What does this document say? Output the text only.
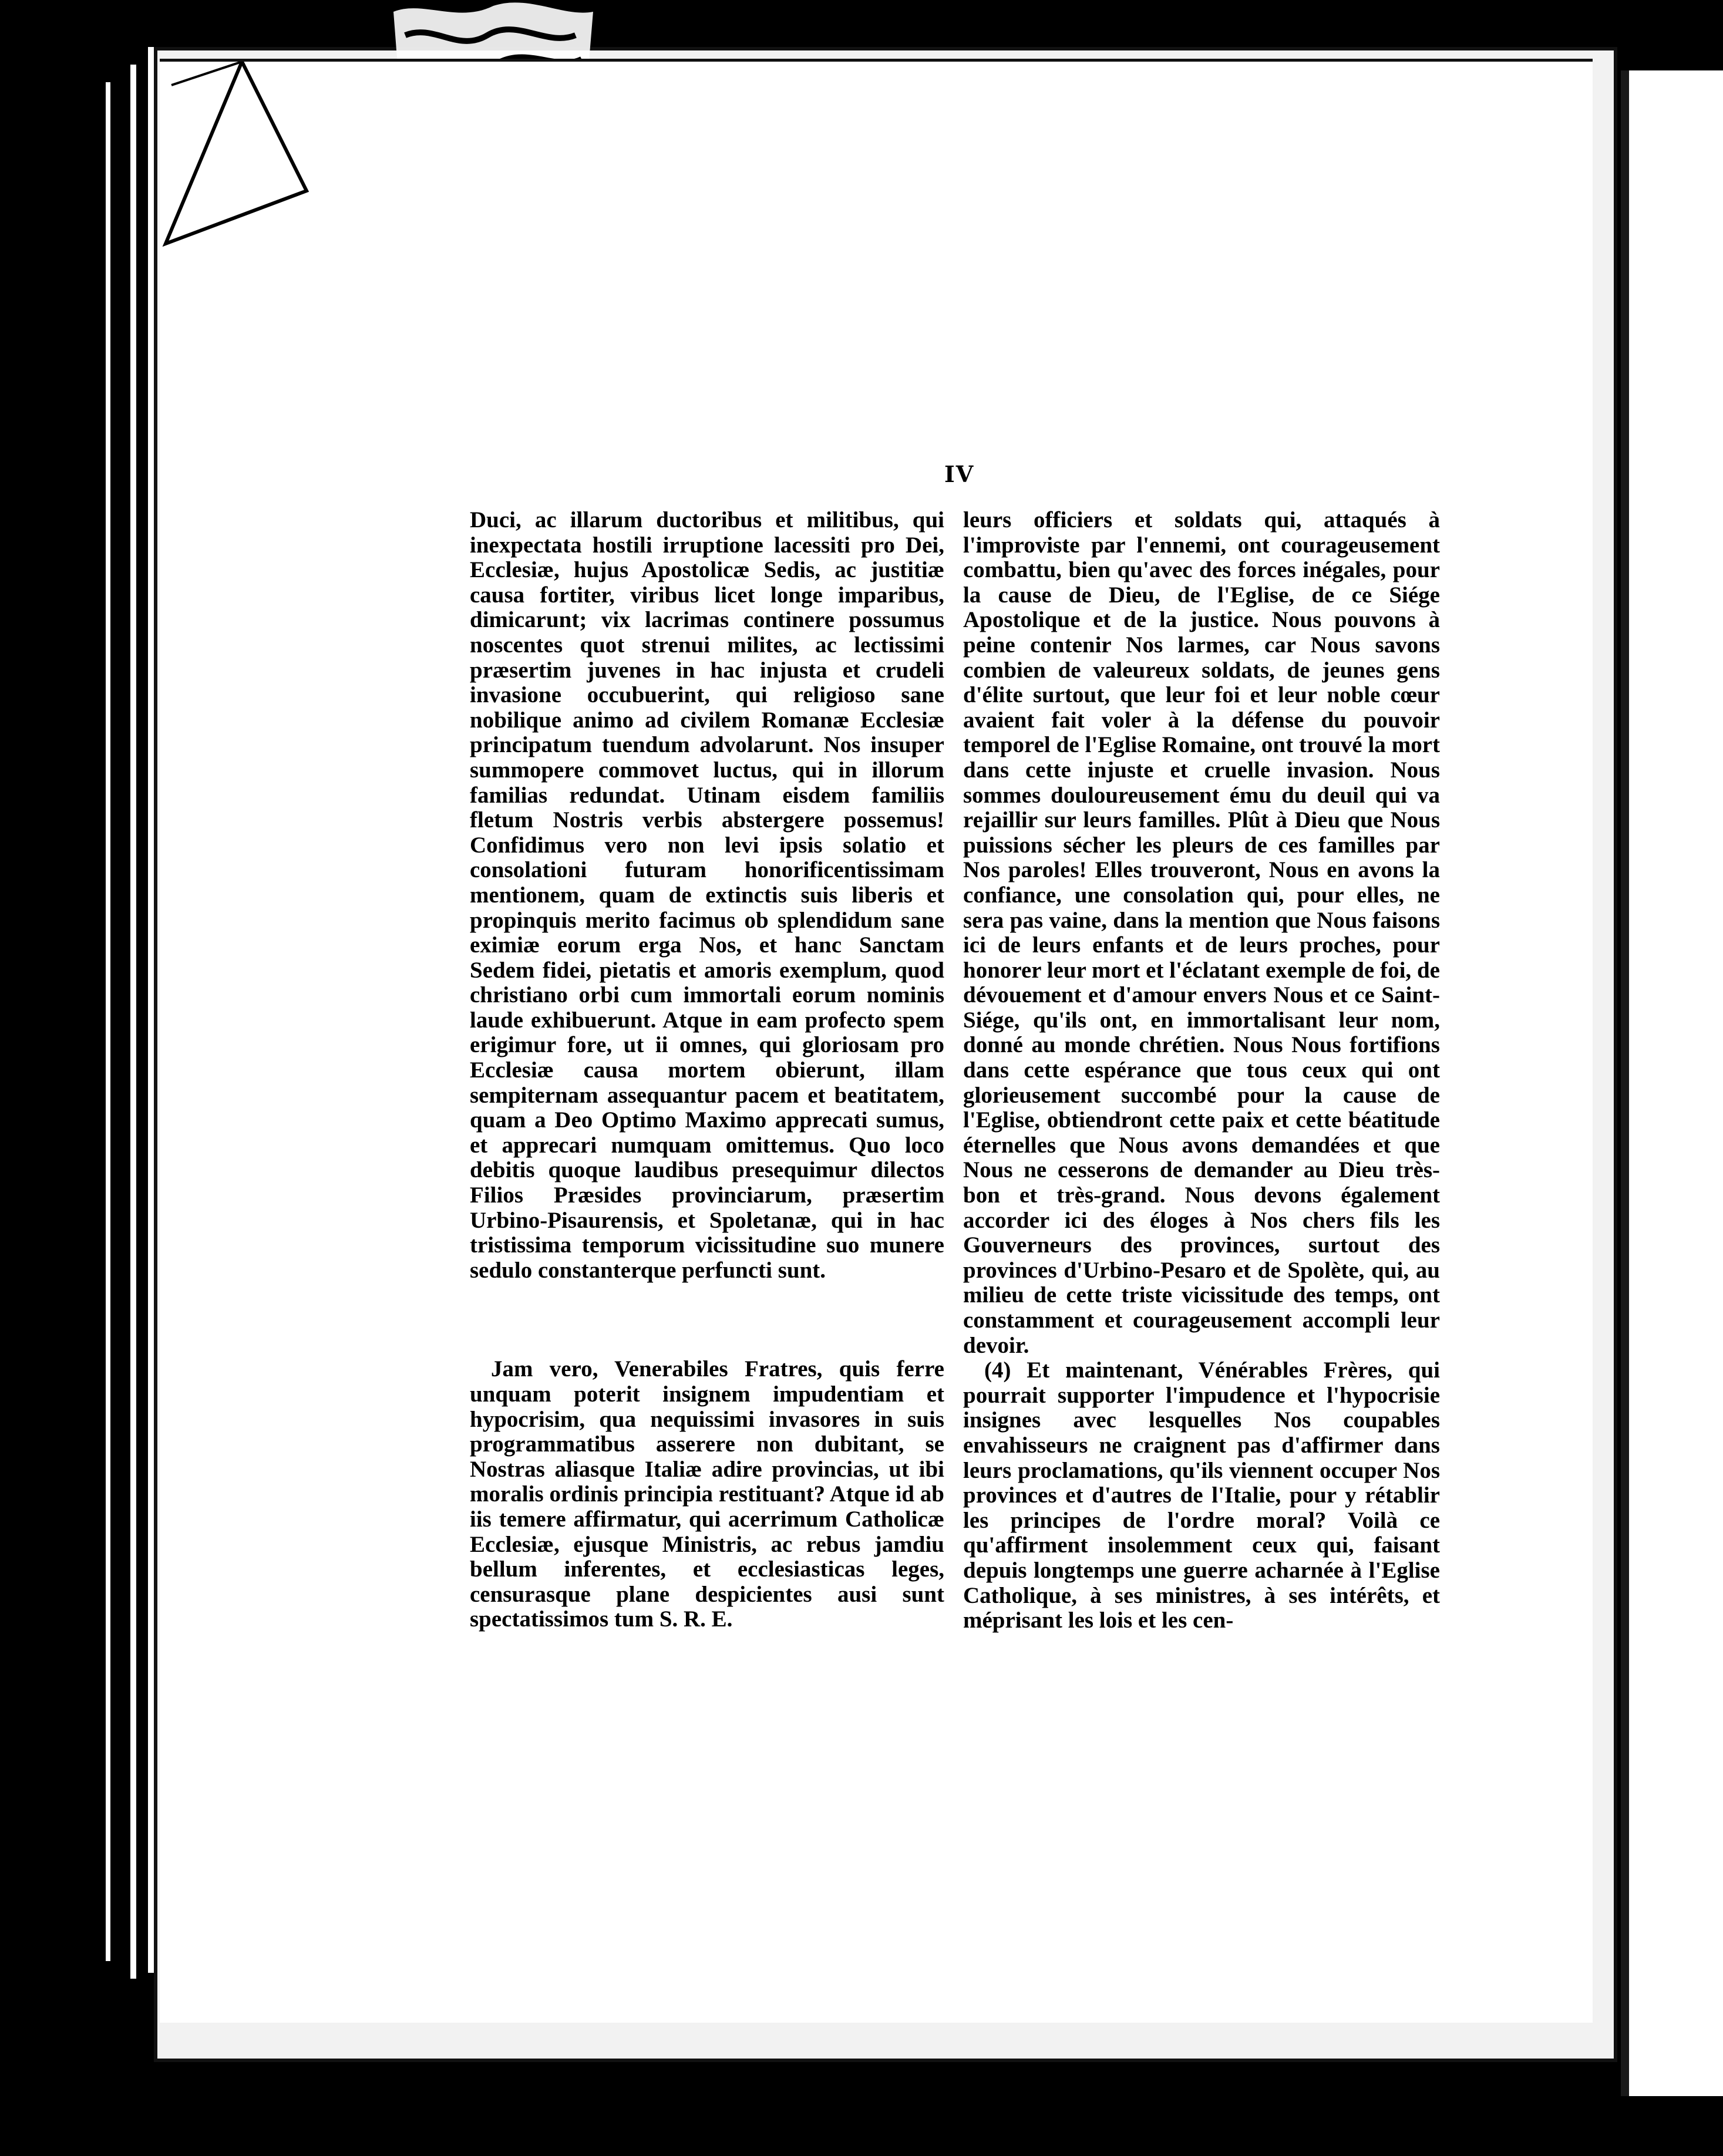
IV

Duci, ac illarum ductoribus et militibus, qui inexpectata hostili irruptione lacessiti pro Dei, Ecclesiæ, hujus Apostolicæ Sedis, ac justitiæ causa fortiter, viribus licet longe imparibus, dimicarunt; vix lacrimas continere possumus noscentes quot strenui milites, ac lectissimi præsertim juvenes in hac injusta et crudeli invasione occubuerint, qui religioso sane nobilique animo ad civilem Romanæ Ecclesiæ principatum tuendum advolarunt. Nos insuper summopere commovet luctus, qui in illorum familias redundat. Utinam eisdem familiis fletum Nostris verbis abstergere possemus! Confidimus vero non levi ipsis solatio et consolationi futuram honorificentissimam mentionem, quam de extinctis suis liberis et propinquis merito facimus ob splendidum sane eximiæ eorum erga Nos, et hanc Sanctam Sedem fidei, pietatis et amoris exemplum, quod christiano orbi cum immortali eorum nominis laude exhibuerunt. Atque in eam profecto spem erigimur fore, ut ii omnes, qui gloriosam pro Ecclesiæ causa mortem obierunt, illam sempiternam assequantur pacem et beatitatem, quam a Deo Optimo Maximo apprecati sumus, et apprecari numquam omittemus. Quo loco debitis quoque laudibus presequimur dilectos Filios Præsides provinciarum, præsertim Urbino-Pisaurensis, et Spoletanæ, qui in hac tristissima temporum vicissitudine suo munere sedulo constanterque perfuncti sunt.

Jam vero, Venerabiles Fratres, quis ferre unquam poterit insignem impudentiam et hypocrisim, qua nequissimi invasores in suis programmatibus asserere non dubitant, se Nostras aliasque Italiæ adire provincias, ut ibi moralis ordinis principia restituant? Atque id ab iis temere affirmatur, qui acerrimum Catholicæ Ecclesiæ, ejusque Ministris, ac rebus jamdiu bellum inferentes, et ecclesiasticas leges, censurasque plane despicientes ausi sunt spectatissimos tum S. R. E.

leurs officiers et soldats qui, attaqués à l'improviste par l'ennemi, ont courageusement combattu, bien qu'avec des forces inégales, pour la cause de Dieu, de l'Eglise, de ce Siége Apostolique et de la justice. Nous pouvons à peine contenir Nos larmes, car Nous savons combien de valeureux soldats, de jeunes gens d'élite surtout, que leur foi et leur noble cœur avaient fait voler à la défense du pouvoir temporel de l'Eglise Romaine, ont trouvé la mort dans cette injuste et cruelle invasion. Nous sommes douloureusement ému du deuil qui va rejaillir sur leurs familles. Plût à Dieu que Nous puissions sécher les pleurs de ces familles par Nos paroles! Elles trouveront, Nous en avons la confiance, une consolation qui, pour elles, ne sera pas vaine, dans la mention que Nous faisons ici de leurs enfants et de leurs proches, pour honorer leur mort et l'éclatant exemple de foi, de dévouement et d'amour envers Nous et ce Saint-Siége, qu'ils ont, en immortalisant leur nom, donné au monde chrétien. Nous Nous fortifions dans cette espérance que tous ceux qui ont glorieusement succombé pour la cause de l'Eglise, obtiendront cette paix et cette béatitude éternelles que Nous avons demandées et que Nous ne cesserons de demander au Dieu très-bon et très-grand. Nous devons également accorder ici des éloges à Nos chers fils les Gouverneurs des provinces, surtout des provinces d'Urbino-Pesaro et de Spolète, qui, au milieu de cette triste vicissitude des temps, ont constamment et courageusement accompli leur devoir.

(4) Et maintenant, Vénérables Frères, qui pourrait supporter l'impudence et l'hypocrisie insignes avec lesquelles Nos coupables envahisseurs ne craignent pas d'affirmer dans leurs proclamations, qu'ils viennent occuper Nos provinces et d'autres de l'Italie, pour y rétablir les principes de l'ordre moral? Voilà ce qu'affirment insolemment ceux qui, faisant depuis longtemps une guerre acharnée à l'Eglise Catholique, à ses ministres, à ses intérêts, et méprisant les lois et les cen-
